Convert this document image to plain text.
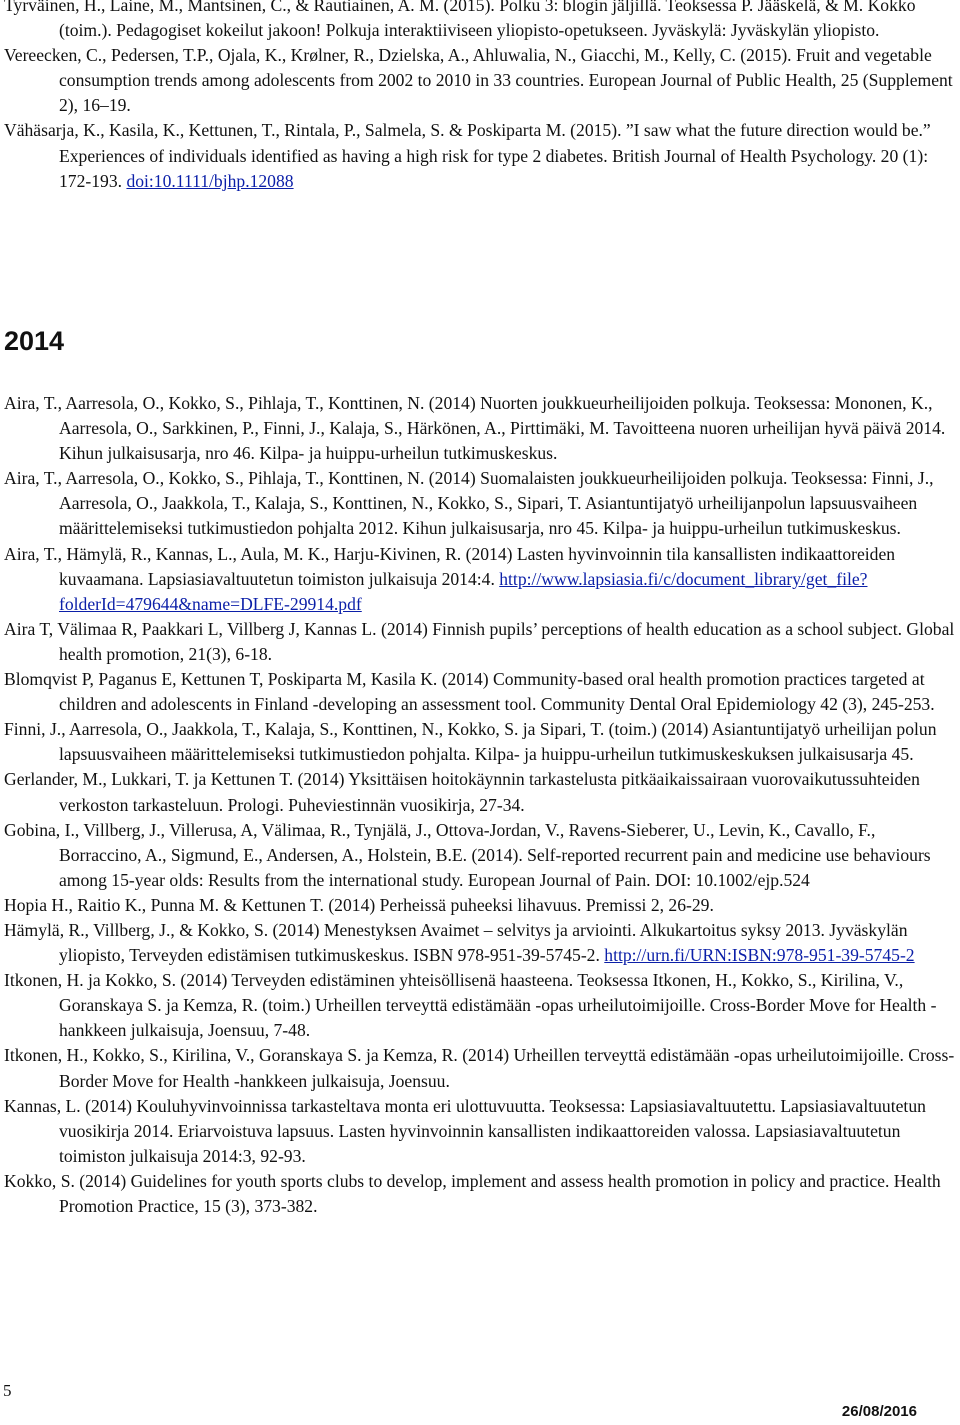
Tyrväinen, H., Laine, M., Mantsinen, C., & Rautiainen, A. M. (2015). Polku 3: blogin jäljillä. Teoksessa P. Jääskelä, & M. Kokko (toim.). Pedagogiset kokeilut jakoon! Polkuja interaktiiviseen yliopisto-opetukseen. Jyväskylä: Jyväskylän yliopisto.

Vereecken, C., Pedersen, T.P., Ojala, K., Krølner, R., Dzielska, A., Ahluwalia, N., Giacchi, M., Kelly, C. (2015). Fruit and vegetable consumption trends among adolescents from 2002 to 2010 in 33 countries. European Journal of Public Health, 25 (Supplement 2), 16–19.

Vähäsarja, K., Kasila, K., Kettunen, T., Rintala, P., Salmela, S. & Poskiparta M. (2015). ”I saw what the future direction would be.” Experiences of individuals identified as having a high risk for type 2 diabetes. British Journal of Health Psychology. 20 (1): 172-193. doi:10.1111/bjhp.12088

2014

Aira, T., Aarresola, O., Kokko, S., Pihlaja, T., Konttinen, N. (2014) Nuorten joukkueurheilijoiden polkuja. Teoksessa: Mononen, K., Aarresola, O., Sarkkinen, P., Finni, J., Kalaja, S., Härkönen, A., Pirttimäki, M. Tavoitteena nuoren urheilijan hyvä päivä 2014. Kihun julkaisusarja, nro 46. Kilpa- ja huippu-urheilun tutkimuskeskus.

Aira, T., Aarresola, O., Kokko, S., Pihlaja, T., Konttinen, N. (2014) Suomalaisten joukkueurheilijoiden polkuja. Teoksessa: Finni, J., Aarresola, O., Jaakkola, T., Kalaja, S., Konttinen, N., Kokko, S., Sipari, T. Asiantuntijatyö urheilijanpolun lapsuusvaiheen määrittelemiseksi tutkimustiedon pohjalta 2012. Kihun julkaisusarja, nro 45. Kilpa- ja huippu-urheilun tutkimuskeskus.

Aira, T., Hämylä, R., Kannas, L., Aula, M. K., Harju-Kivinen, R. (2014) Lasten hyvinvoinnin tila kansallisten indikaattoreiden kuvaamana. Lapsiasiavaltuutetun toimiston julkaisuja 2014:4. http://www.lapsiasia.fi/c/document_library/get_file?folderId=479644&name=DLFE-29914.pdf

Aira T, Välimaa R, Paakkari L, Villberg J, Kannas L. (2014) Finnish pupils’ perceptions of health education as a school subject. Global health promotion, 21(3), 6-18.

Blomqvist P, Paganus E, Kettunen T, Poskiparta M, Kasila K. (2014) Community-based oral health promotion practices targeted at children and adolescents in Finland -developing an assessment tool. Community Dental Oral Epidemiology 42 (3), 245-253.

Finni, J., Aarresola, O., Jaakkola, T., Kalaja, S., Konttinen, N., Kokko, S. ja Sipari, T. (toim.) (2014) Asiantuntijatyö urheilijan polun lapsuusvaiheen määrittelemiseksi tutkimustiedon pohjalta. Kilpa- ja huippu-urheilun tutkimuskeskuksen julkaisusarja 45.

Gerlander, M., Lukkari, T. ja Kettunen T. (2014) Yksittäisen hoitokäynnin tarkastelusta pitkäaikaissairaan vuorovaikutussuhteiden verkoston tarkasteluun. Prologi. Puheviestinnän vuosikirja, 27-34.

Gobina, I., Villberg, J., Villerusa, A, Välimaa, R., Tynjälä, J., Ottova-Jordan, V., Ravens-Sieberer, U., Levin, K., Cavallo, F., Borraccino, A., Sigmund, E., Andersen, A., Holstein, B.E. (2014). Self-reported recurrent pain and medicine use behaviours among 15-year olds: Results from the international study. European Journal of Pain. DOI: 10.1002/ejp.524

Hopia H., Raitio K., Punna M. & Kettunen T. (2014) Perheissä puheeksi lihavuus. Premissi 2, 26-29.

Hämylä, R., Villberg, J., & Kokko, S. (2014) Menestyksen Avaimet – selvitys ja arviointi. Alkukartoitus syksy 2013. Jyväskylän yliopisto, Terveyden edistämisen tutkimuskeskus. ISBN 978-951-39-5745-2. http://urn.fi/URN:ISBN:978-951-39-5745-2

Itkonen, H. ja Kokko, S. (2014) Terveyden edistäminen yhteisöllisenä haasteena. Teoksessa Itkonen, H., Kokko, S., Kirilina, V., Goranskaya S. ja Kemza, R. (toim.) Urheillen terveyttä edistämään -opas urheilutoimijoille. Cross-Border Move for Health -hankkeen julkaisuja, Joensuu, 7-48.

Itkonen, H., Kokko, S., Kirilina, V., Goranskaya S. ja Kemza, R. (2014) Urheillen terveyttä edistämään -opas urheilutoimijoille. Cross-Border Move for Health -hankkeen julkaisuja, Joensuu.

Kannas, L. (2014) Kouluhyvinvoinnissa tarkasteltava monta eri ulottuvuutta. Teoksessa: Lapsiasiavaltuutettu. Lapsiasiavaltuutetun vuosikirja 2014. Eriarvoistuva lapsuus. Lasten hyvinvoinnin kansallisten indikaattoreiden valossa. Lapsiasiavaltuutetun toimiston julkaisuja 2014:3, 92-93.

Kokko, S. (2014) Guidelines for youth sports clubs to develop, implement and assess health promotion in policy and practice. Health Promotion Practice, 15 (3), 373-382.

5
26/08/2016
